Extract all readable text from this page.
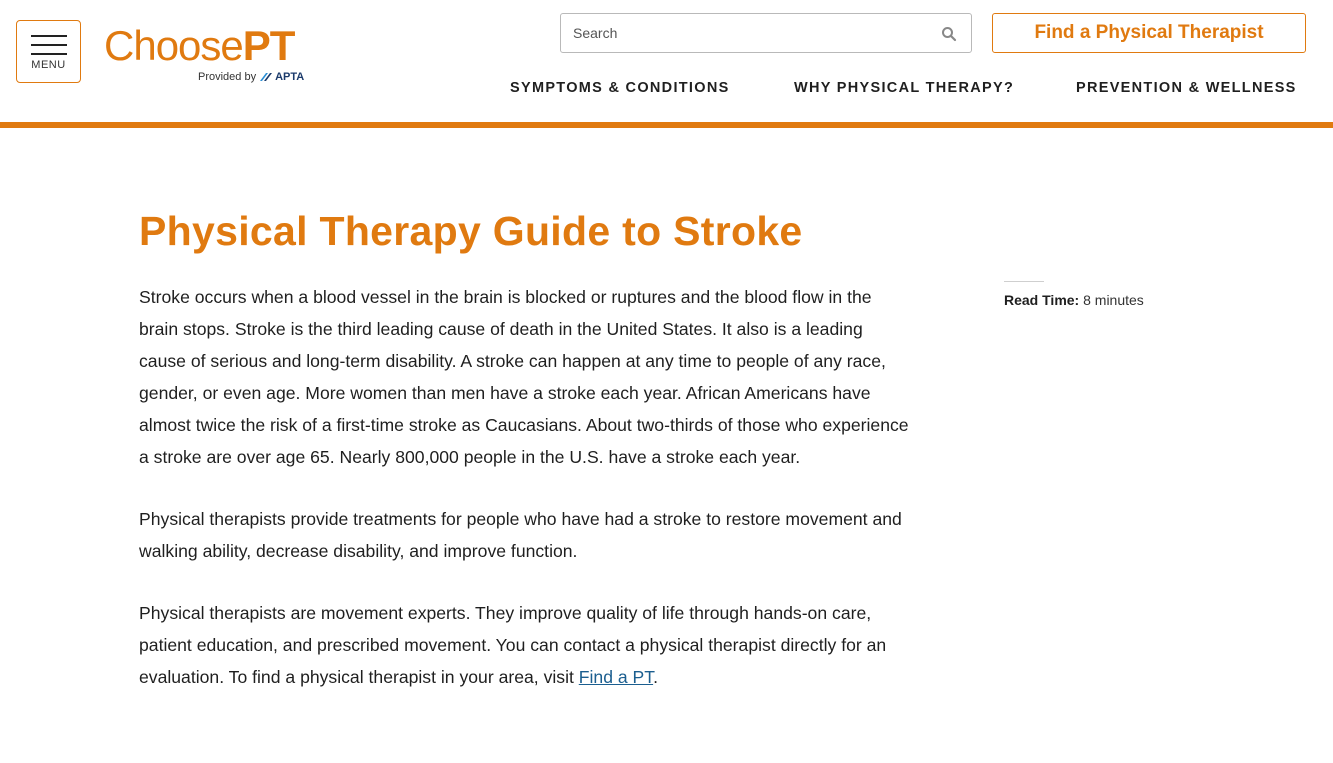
MENU ChoosePT
Provided by APTA
Search
Find a Physical Therapist
SYMPTOMS & CONDITIONS	WHY PHYSICAL THERAPY?	PREVENTION & WELLNESS
Physical Therapy Guide to Stroke

Stroke occurs when a blood vessel in the brain is blocked or ruptures and the blood flow in the brain stops. Stroke is the third leading cause of death in the United States. It also is a leading cause of serious and long-term disability. A stroke can happen at any time to people of any race, gender, or even age. More women than men have a stroke each year. African Americans have almost twice the risk of a first-time stroke as Caucasians. About two-thirds of those who experience a stroke are over age 65. Nearly 800,000 people in the U.S. have a stroke each year.

Physical therapists provide treatments for people who have had a stroke to restore movement and walking ability, decrease disability, and improve function.

Physical therapists are movement experts. They improve quality of life through hands-on care, patient education, and prescribed movement. You can contact a physical therapist directly for an evaluation. To find a physical therapist in your area, visit Find a PT.

Read Time: 8 minutes
